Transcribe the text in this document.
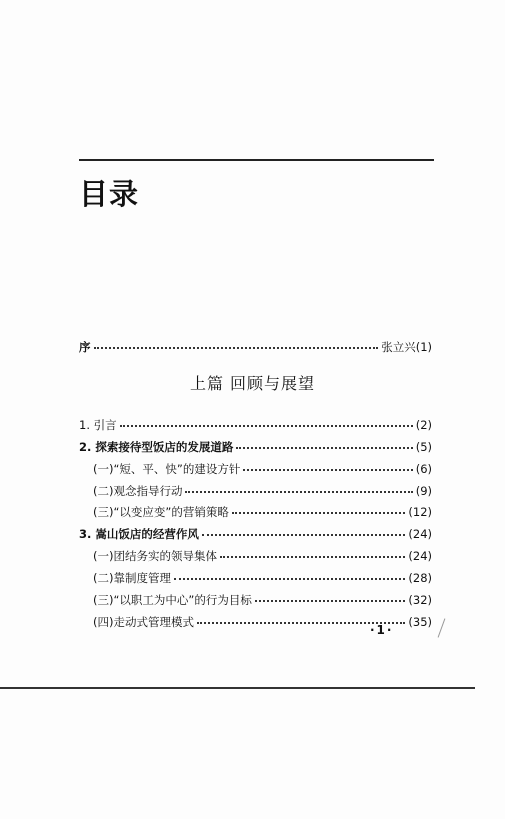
目录
序	张立兴(1)
上篇 回顾与展望
1. 引言	(2)
2. 探索接待型饭店的发展道路	(5)
(一)“短、平、快”的建设方针	(6)
(二)观念指导行动	(9)
(三)“以变应变”的营销策略	(12)
3. 嵩山饭店的经营作风	(24)
(一)团结务实的领导集体	(24)
(二)靠制度管理	(28)
(三)“以职工为中心”的行为目标	(32)
(四)走动式管理模式	(35)
·1·
